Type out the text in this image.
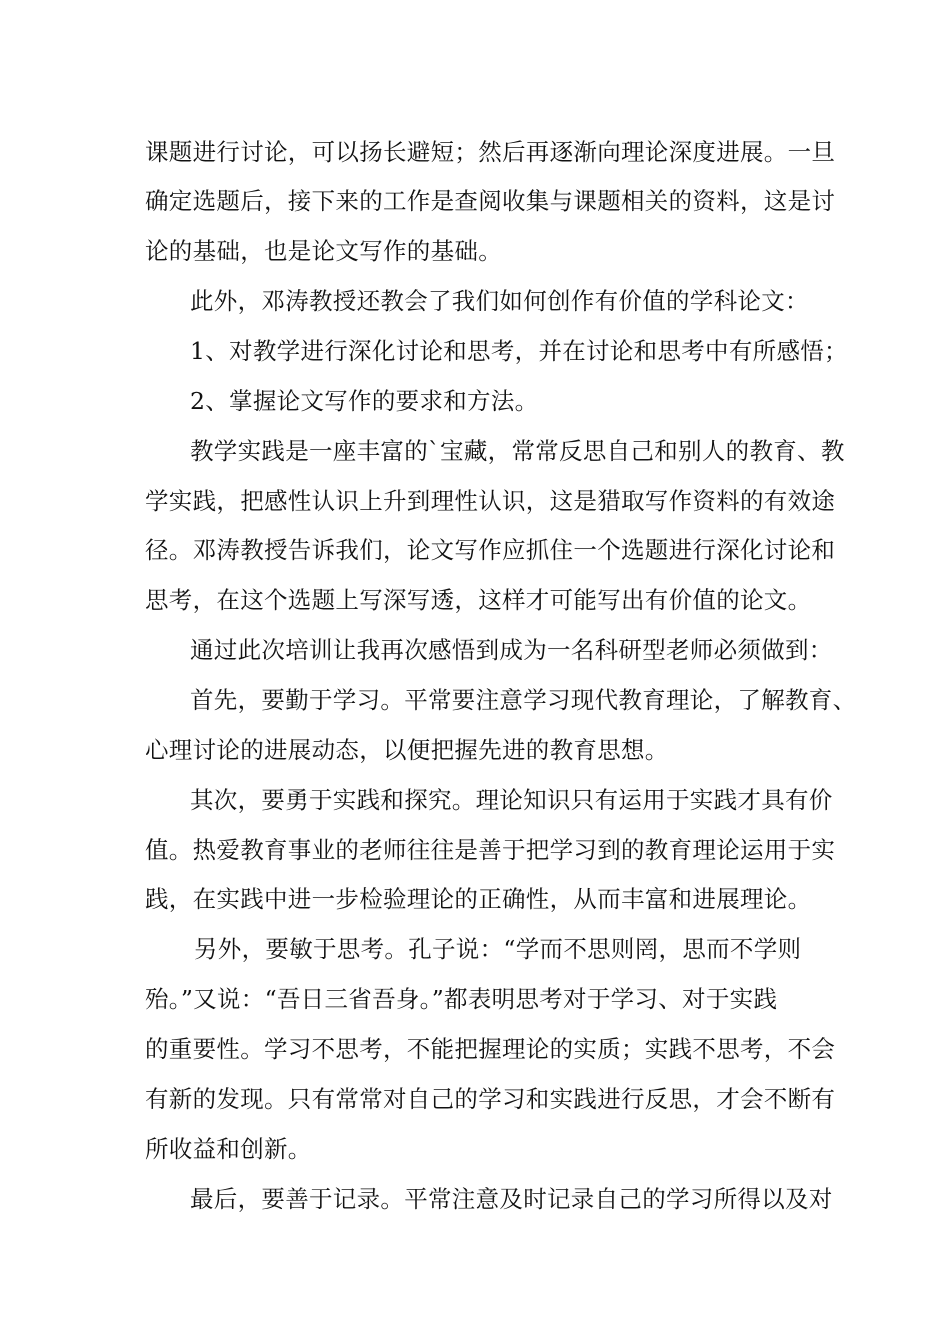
课题进行讨论，可以扬长避短；然后再逐渐向理论深度进展。一旦
确定选题后，接下来的工作是查阅收集与课题相关的资料，这是讨
论的基础，也是论文写作的基础。
此外，邓涛教授还教会了我们如何创作有价值的学科论文：
1、对教学进行深化讨论和思考，并在讨论和思考中有所感悟；
2、掌握论文写作的要求和方法。
教学实践是一座丰富的`宝藏，常常反思自己和别人的教育、教
学实践，把感性认识上升到理性认识，这是猎取写作资料的有效途
径。邓涛教授告诉我们，论文写作应抓住一个选题进行深化讨论和
思考，在这个选题上写深写透，这样才可能写出有价值的论文。
通过此次培训让我再次感悟到成为一名科研型老师必须做到：
首先，要勤于学习。平常要注意学习现代教育理论，了解教育、
心理讨论的进展动态，以便把握先进的教育思想。
其次，要勇于实践和探究。理论知识只有运用于实践才具有价
值。热爱教育事业的老师往往是善于把学习到的教育理论运用于实
践，在实践中进一步检验理论的正确性，从而丰富和进展理论。
另外，要敏于思考。孔子说：“学而不思则罔，思而不学则
殆。”又说：“吾日三省吾身。”都表明思考对于学习、对于实践
的重要性。学习不思考，不能把握理论的实质；实践不思考，不会
有新的发现。只有常常对自己的学习和实践进行反思，才会不断有
所收益和创新。
最后，要善于记录。平常注意及时记录自己的学习所得以及对
